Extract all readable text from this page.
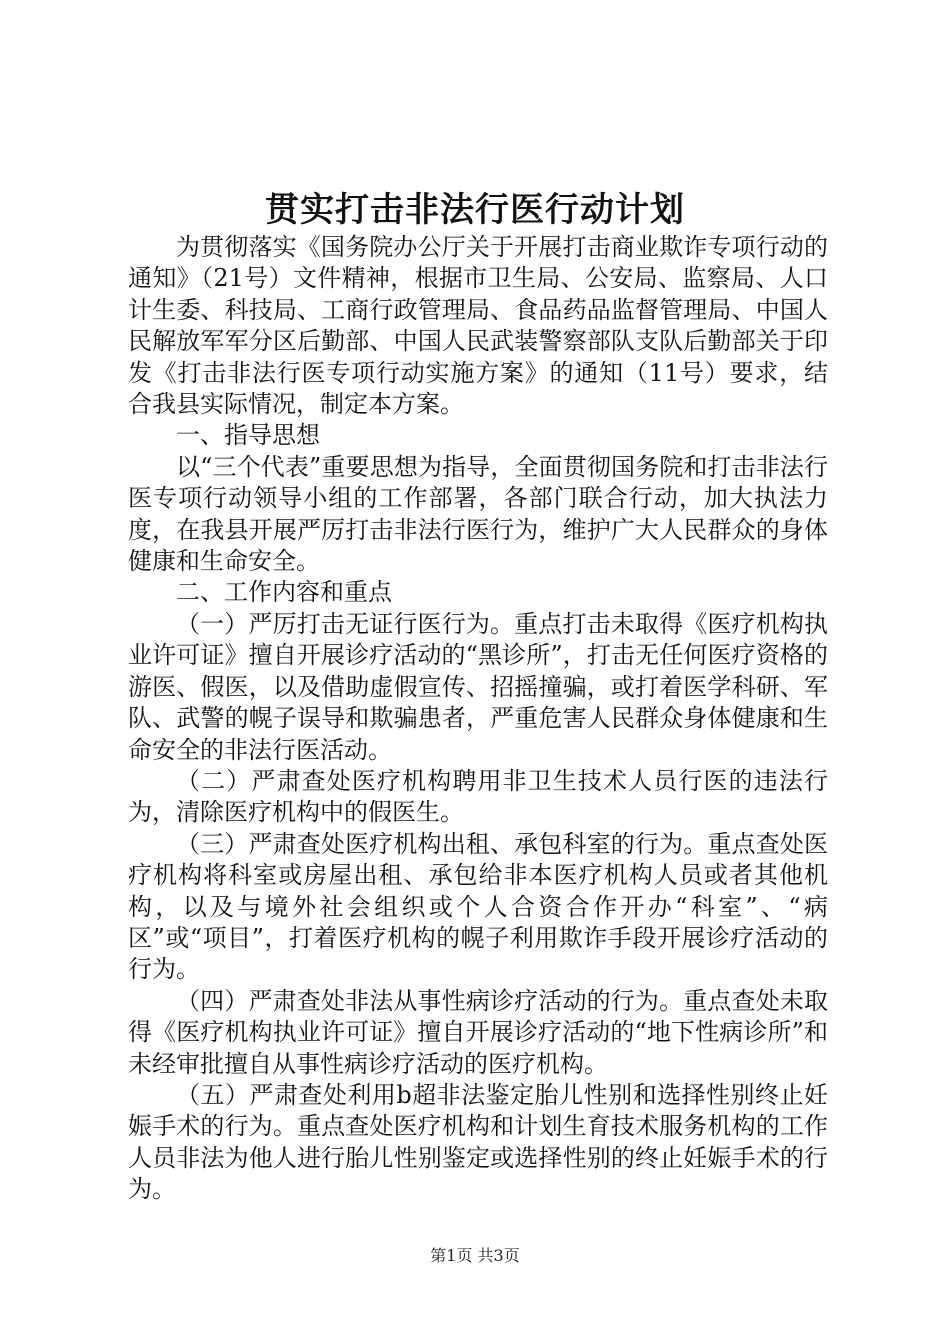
贯实打击非法行医行动计划

为贯彻落实《国务院办公厅关于开展打击商业欺诈专项行动的通知》（21号）文件精神，根据市卫生局、公安局、监察局、人口计生委、科技局、工商行政管理局、食品药品监督管理局、中国人民解放军军分区后勤部、中国人民武装警察部队支队后勤部关于印发《打击非法行医专项行动实施方案》的通知（11号）要求，结合我县实际情况，制定本方案。

一、指导思想

以“三个代表”重要思想为指导，全面贯彻国务院和打击非法行医专项行动领导小组的工作部署，各部门联合行动，加大执法力度，在我县开展严厉打击非法行医行为，维护广大人民群众的身体健康和生命安全。

二、工作内容和重点

（一）严厉打击无证行医行为。重点打击未取得《医疗机构执业许可证》擅自开展诊疗活动的“黑诊所”，打击无任何医疗资格的游医、假医，以及借助虚假宣传、招摇撞骗，或打着医学科研、军队、武警的幌子误导和欺骗患者，严重危害人民群众身体健康和生命安全的非法行医活动。

（二）严肃查处医疗机构聘用非卫生技术人员行医的违法行为，清除医疗机构中的假医生。

（三）严肃查处医疗机构出租、承包科室的行为。重点查处医疗机构将科室或房屋出租、承包给非本医疗机构人员或者其他机构，以及与境外社会组织或个人合资合作开办“科室”、“病区”或“项目”，打着医疗机构的幌子利用欺诈手段开展诊疗活动的行为。

（四）严肃查处非法从事性病诊疗活动的行为。重点查处未取得《医疗机构执业许可证》擅自开展诊疗活动的“地下性病诊所”和未经审批擅自从事性病诊疗活动的医疗机构。

（五）严肃查处利用b超非法鉴定胎儿性别和选择性别终止妊娠手术的行为。重点查处医疗机构和计划生育技术服务机构的工作人员非法为他人进行胎儿性别鉴定或选择性别的终止妊娠手术的行为。

第1页 共3页
